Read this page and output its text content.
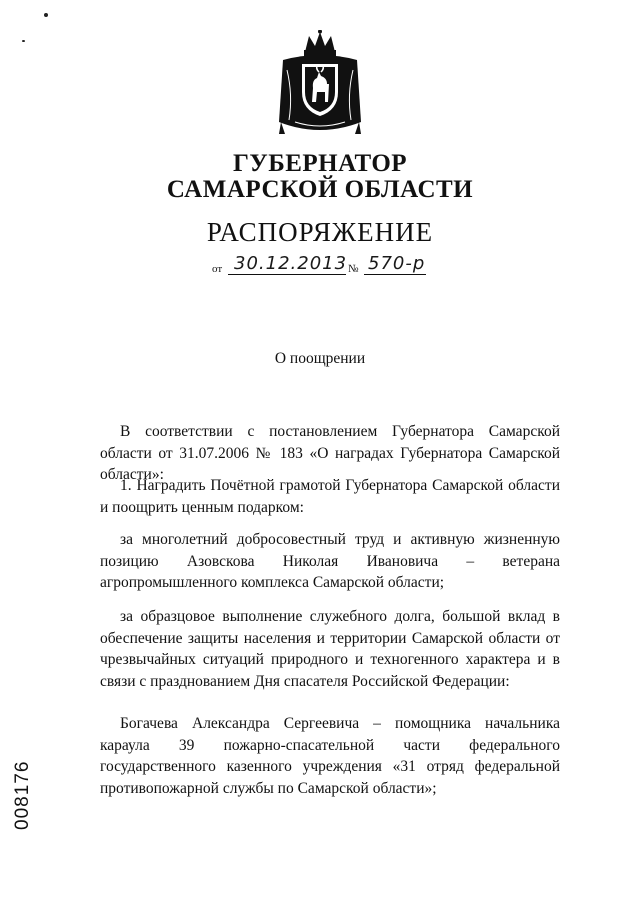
ГУБЕРНАТОР
САМАРСКОЙ ОБЛАСТИ
РАСПОРЯЖЕНИЕ
от 30.12.2013 № 570-р
О поощрении

В соответствии с постановлением Губернатора Самарской области от 31.07.2006 № 183 «О наградах Губернатора Самарской области»:

1. Наградить Почётной грамотой Губернатора Самарской области и поощрить ценным подарком:

за многолетний добросовестный труд и активную жизненную позицию Азовскова Николая Ивановича – ветерана агропромышленного комплекса Самарской области;

за образцовое выполнение служебного долга, большой вклад в обеспечение защиты населения и территории Самарской области от чрезвычайных ситуаций природного и техногенного характера и в связи с празднованием Дня спасателя Российской Федерации:

Богачева Александра Сергеевича – помощника начальника караула 39 пожарно-спасательной части федерального государственного казенного учреждения «31 отряд федеральной противопожарной службы по Самарской области»;

008176
